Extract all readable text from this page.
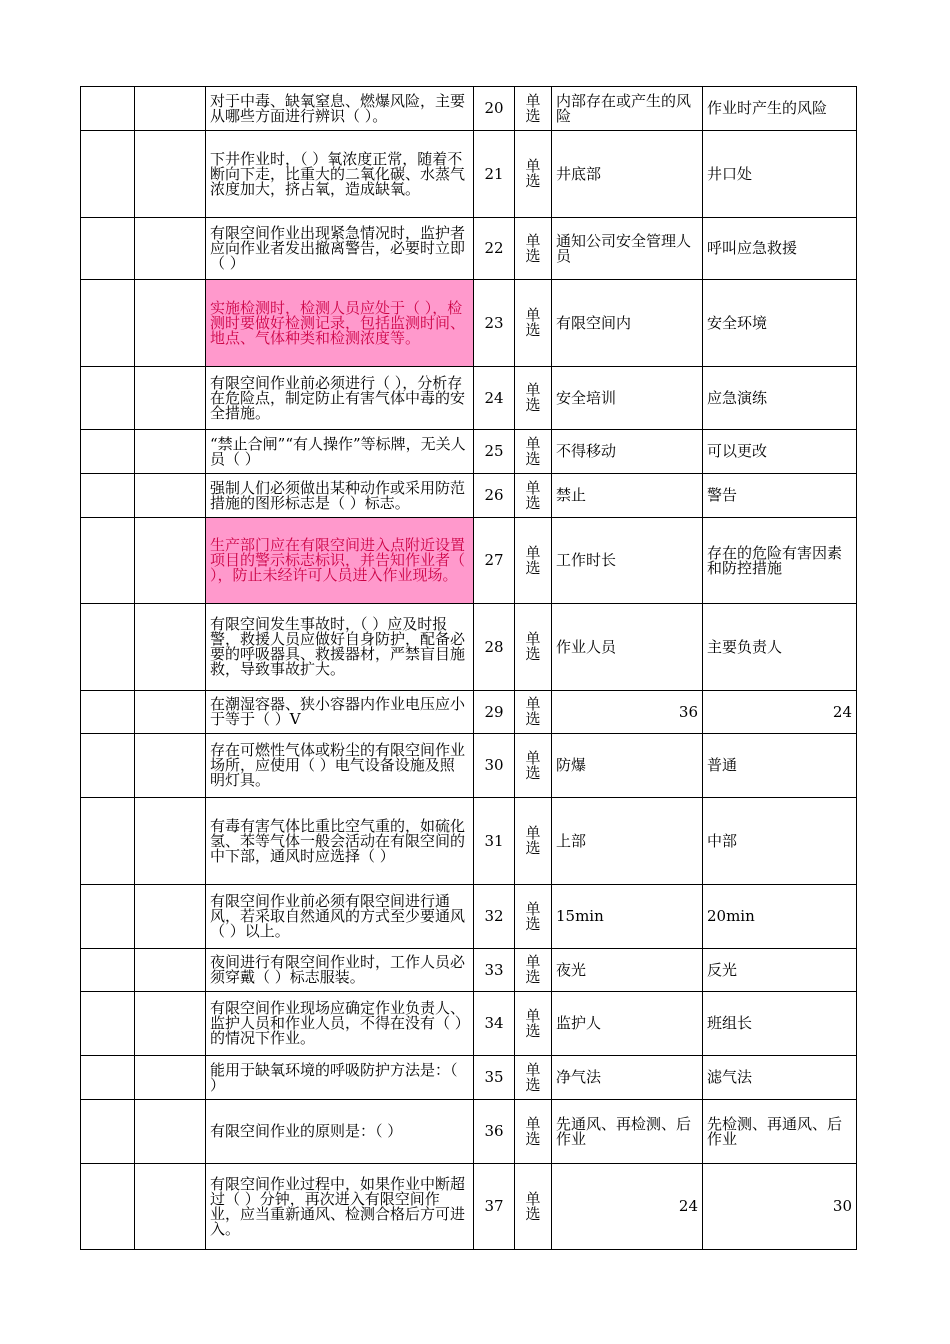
		对于中毒、缺氧窒息、燃爆风险，主要从哪些方面进行辨识（ ）。	20	单选	内部存在或产生的风险	作业时产生的风险
		下井作业时，（ ）氧浓度正常，随着不断向下走，比重大的二氧化碳、水蒸气浓度加大，挤占氧，造成缺氧。	21	单选	井底部	井口处
		有限空间作业出现紧急情况时，监护者应向作业者发出撤离警告，必要时立即（ ）	22	单选	通知公司安全管理人员	呼叫应急救援
		实施检测时，检测人员应处于（ ），检测时要做好检测记录，包括监测时间、地点、气体种类和检测浓度等。	23	单选	有限空间内	安全环境
		有限空间作业前必须进行（ ），分析存在危险点，制定防止有害气体中毒的安全措施。	24	单选	安全培训	应急演练
		“禁止合闸”“有人操作”等标牌，无关人员（ ）	25	单选	不得移动	可以更改
		强制人们必须做出某种动作或采用防范措施的图形标志是（ ）标志。	26	单选	禁止	警告
		生产部门应在有限空间进入点附近设置项目的警示标志标识，并告知作业者（ ），防止未经许可人员进入作业现场。	27	单选	工作时长	存在的危险有害因素和防控措施
		有限空间发生事故时，（ ）应及时报警，救援人员应做好自身防护，配备必要的呼吸器具、救援器材，严禁盲目施救，导致事故扩大。	28	单选	作业人员	主要负责人
		在潮湿容器、狭小容器内作业电压应小于等于（ ）V	29	单选	36	24
		存在可燃性气体或粉尘的有限空间作业场所，应使用（ ）电气设备设施及照明灯具。	30	单选	防爆	普通
		有毒有害气体比重比空气重的，如硫化氢、苯等气体一般会活动在有限空间的中下部，通风时应选择（ ）	31	单选	上部	中部
		有限空间作业前必须有限空间进行通风，若采取自然通风的方式至少要通风（ ）以上。	32	单选	15min	20min
		夜间进行有限空间作业时，工作人员必须穿戴（ ）标志服装。	33	单选	夜光	反光
		有限空间作业现场应确定作业负责人、监护人员和作业人员，不得在没有（ ）的情况下作业。	34	单选	监护人	班组长
		能用于缺氧环境的呼吸防护方法是：（ ）	35	单选	净气法	滤气法
		有限空间作业的原则是：（ ）	36	单选	先通风、再检测、后作业	先检测、再通风、后作业
		有限空间作业过程中，如果作业中断超过（ ）分钟，再次进入有限空间作业，应当重新通风、检测合格后方可进入。	37	单选	24	30
